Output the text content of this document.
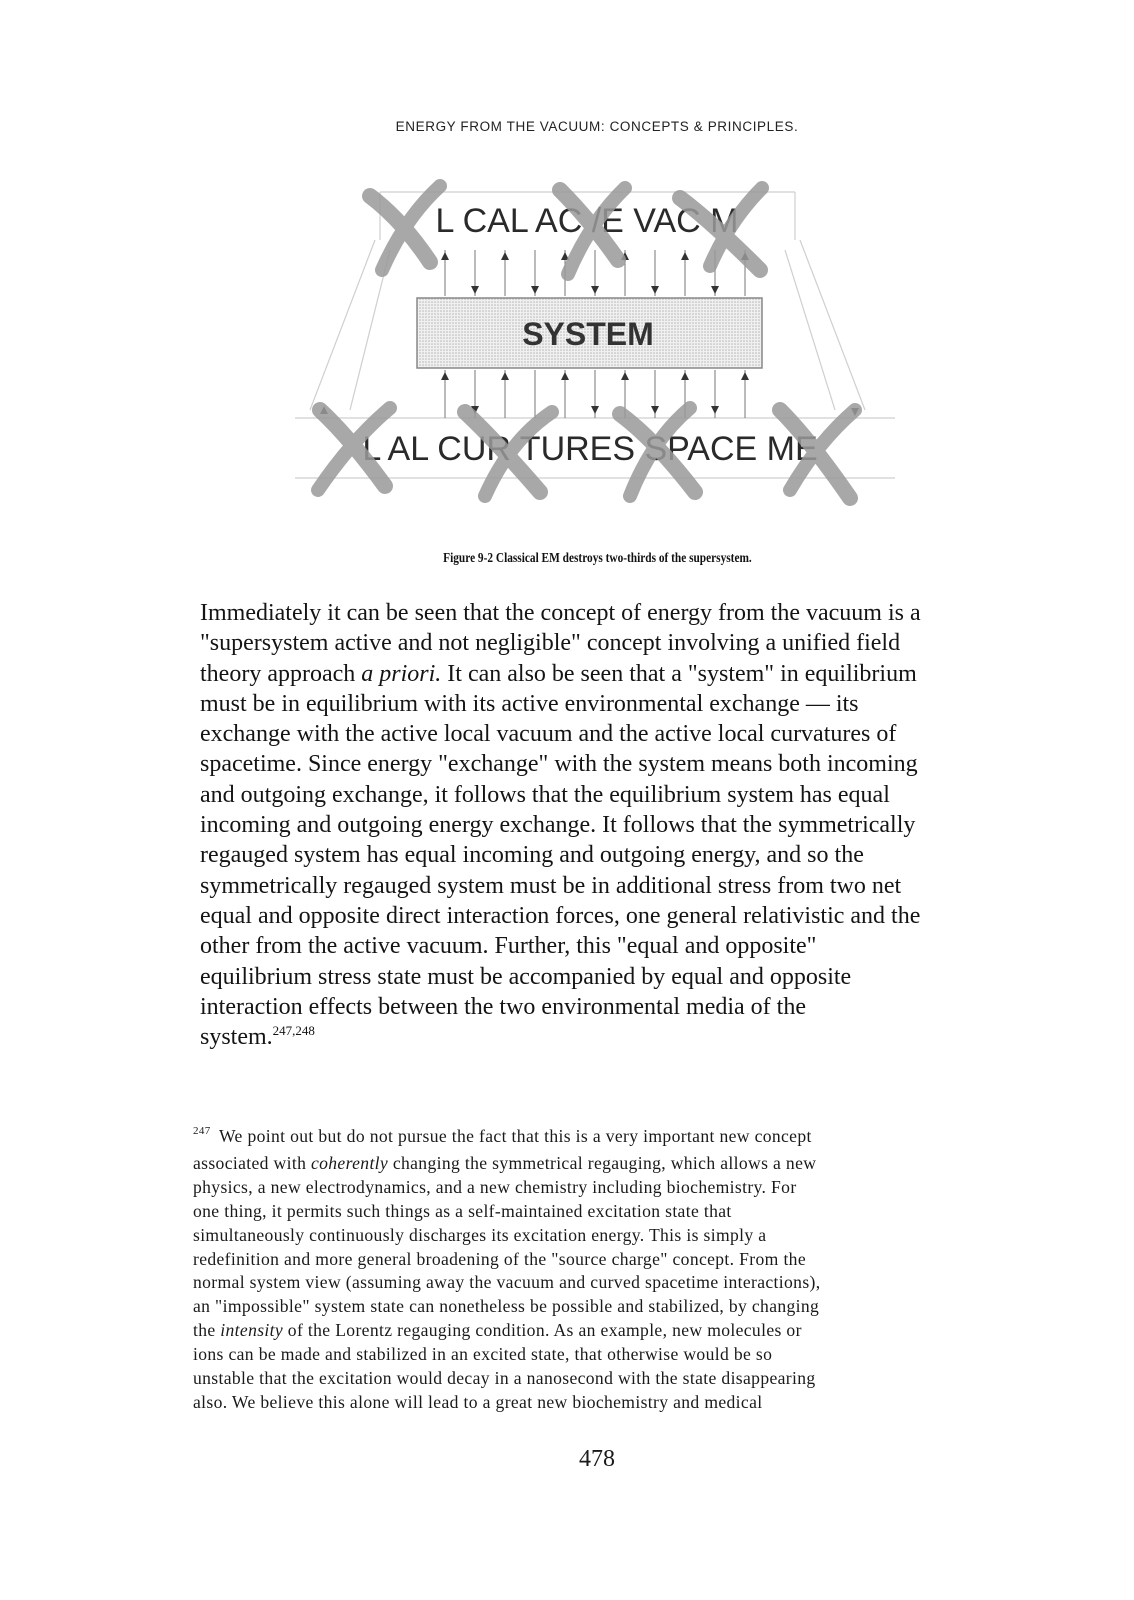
ENERGY FROM THE VACUUM: CONCEPTS & PRINCIPLES.
L CAL AC /E VAC M
SYSTEM
L AL CUR TURES SPACE ME
Figure 9-2 Classical EM destroys two-thirds of the supersystem.
Immediately it can be seen that the concept of energy from the vacuum is a
"supersystem active and not negligible" concept involving a unified field
theory approach a priori. It can also be seen that a "system" in equilibrium
must be in equilibrium with its active environmental exchange — its
exchange with the active local vacuum and the active local curvatures of
spacetime. Since energy "exchange" with the system means both incoming
and outgoing exchange, it follows that the equilibrium system has equal
incoming and outgoing energy exchange. It follows that the symmetrically
regauged system has equal incoming and outgoing energy, and so the
symmetrically regauged system must be in additional stress from two net
equal and opposite direct interaction forces, one general relativistic and the
other from the active vacuum. Further, this "equal and opposite"
equilibrium stress state must be accompanied by equal and opposite
interaction effects between the two environmental media of the
system.$^{247,248}$
$^{247}$ We point out but do not pursue the fact that this is a very important new concept
associated with coherently changing the symmetrical regauging, which allows a new
physics, a new electrodynamics, and a new chemistry including biochemistry. For
one thing, it permits such things as a self-maintained excitation state that
simultaneously continuously discharges its excitation energy. This is simply a
redefinition and more general broadening of the "source charge" concept. From the
normal system view (assuming away the vacuum and curved spacetime interactions),
an "impossible" system state can nonetheless be possible and stabilized, by changing
the intensity of the Lorentz regauging condition. As an example, new molecules or
ions can be made and stabilized in an excited state, that otherwise would be so
unstable that the excitation would decay in a nanosecond with the state disappearing
also. We believe this alone will lead to a great new biochemistry and medical
478
